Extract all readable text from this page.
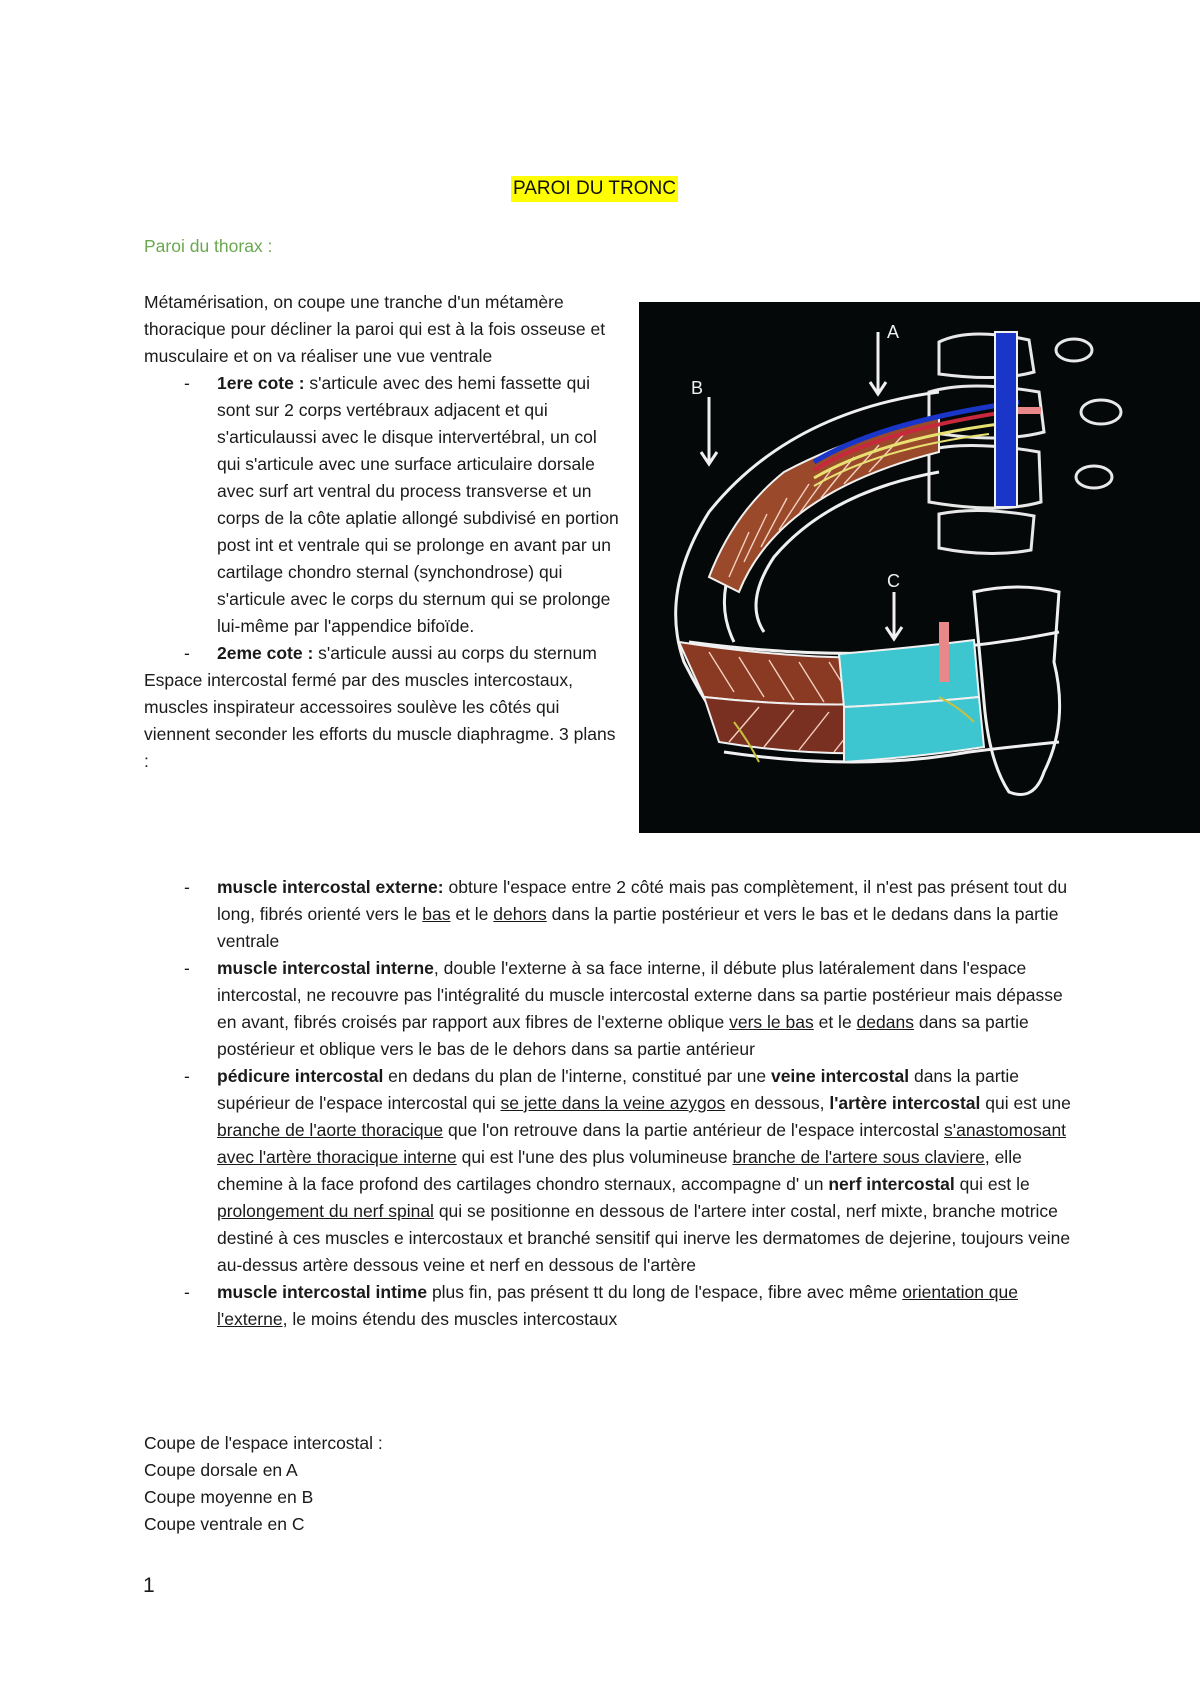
PAROI DU TRONC
Paroi du thorax :

Métamérisation, on coupe une tranche d'un métamère thoracique pour décliner la paroi qui est à la fois osseuse et musculaire et on va réaliser une vue ventrale

- 1ere cote : s'articule avec des hemi fassette qui sont sur 2 corps vertébraux adjacent et qui s'articulaussi avec le disque intervertébral, un col qui s'articule avec une surface articulaire dorsale avec surf art ventral du process transverse et un corps de la côte aplatie allongé subdivisé en portion post int et ventrale qui se prolonge en avant par un cartilage chondro sternal (synchondrose) qui s'articule avec le corps du sternum qui se prolonge lui-même par l'appendice bifoïde.
- 2eme cote : s'articule aussi au corps du sternum

Espace intercostal fermé par des muscles intercostaux, muscles inspirateur accessoires soulève les côtés qui viennent seconder les efforts du muscle diaphragme. 3 plans :

- muscle intercostal externe: obture l'espace entre 2 côté mais pas complètement, il n'est pas présent tout du long, fibrés orienté vers le bas et le dehors dans la partie postérieur et vers le bas et le dedans dans la partie ventrale
- muscle intercostal interne, double l'externe à sa face interne, il débute plus latéralement dans l'espace intercostal, ne recouvre pas l'intégralité du muscle intercostal externe dans sa partie postérieur mais dépasse en avant, fibrés croisés par rapport aux fibres de l'externe oblique vers le bas et le dedans dans sa partie postérieur et oblique vers le bas de le dehors dans sa partie antérieur
- pédicure intercostal en dedans du plan de l'interne, constitué par une veine intercostal dans la partie supérieur de l'espace intercostal qui se jette dans la veine azygos en dessous, l'artère intercostal qui est une branche de l'aorte thoracique que l'on retrouve dans la partie antérieur de l'espace intercostal s'anastomosant avec l'artère thoracique interne qui est l'une des plus volumineuse branche de l'artere sous claviere, elle chemine à la face profond des cartilages chondro sternaux, accompagne d' un nerf intercostal qui est le prolongement du nerf spinal qui se positionne en dessous de l'artere inter costal, nerf mixte, branche motrice destiné à ces muscles e intercostaux et branché sensitif qui inerve les dermatomes de dejerine, toujours veine au-dessus artère dessous veine et nerf en dessous de l'artère
- muscle intercostal intime plus fin, pas présent tt du long de l'espace, fibre avec même orientation que l'externe, le moins étendu des muscles intercostaux
A
B
C

Coupe de l'espace intercostal :

Coupe dorsale en A

Coupe moyenne en B

Coupe ventrale en C

1
